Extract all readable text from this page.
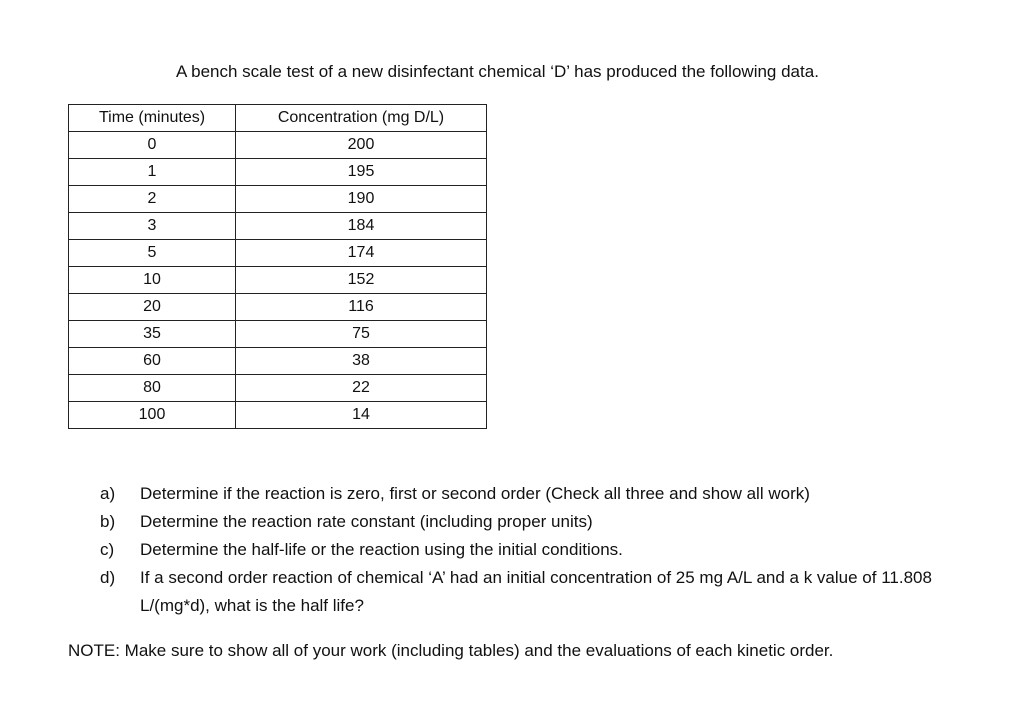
A bench scale test of a new disinfectant chemical ‘D’ has produced the following data.
Time (minutes)	Concentration (mg D/L)
0	200
1	195
2	190
3	184
5	174
10	152
20	116
35	75
60	38
80	22
100	14
a) Determine if the reaction is zero, first or second order (Check all three and show all work)
b) Determine the reaction rate constant (including proper units)
c) Determine the half-life or the reaction using the initial conditions.
d) If a second order reaction of chemical ‘A’ had an initial concentration of 25 mg A/L and a k value of 11.808 L/(mg*d), what is the half life?
NOTE: Make sure to show all of your work (including tables) and the evaluations of each kinetic order.
